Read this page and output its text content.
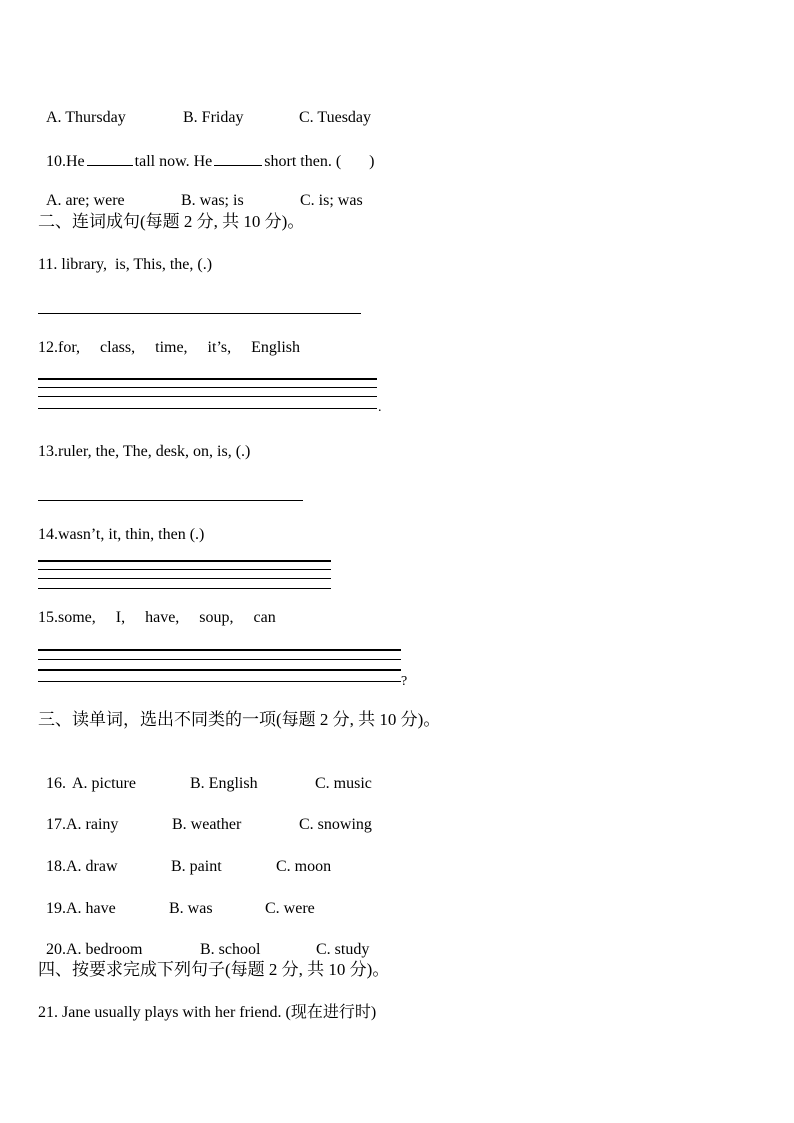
A. Thursday	B. Friday	C. Tuesday

10.He	tall now. He	short then. ( )

A. are; were	B. was; is	C. is; was

二、连词成句(每题 2 分, 共 10 分)。
11. library,  is, This, the, (.)
12.for,     class,     time,     it’s,     English
.
13.ruler, the, The, desk, on, is, (.)
14.wasn’t, it, thin, then (.)
15.some,     I,     have,     soup,     can
?
三、读单词，选出不同类的一项(每题 2 分, 共 10 分)。

16. A. picture	B. English	C. music

17.A. rainy	B. weather	C. snowing

18.A. draw	B. paint	C. moon

19.A. have	B. was	C. were

20.A. bedroom	B. school	C. study

四、按要求完成下列句子(每题 2 分, 共 10 分)。
21. Jane usually plays with her friend. (现在进行时)
